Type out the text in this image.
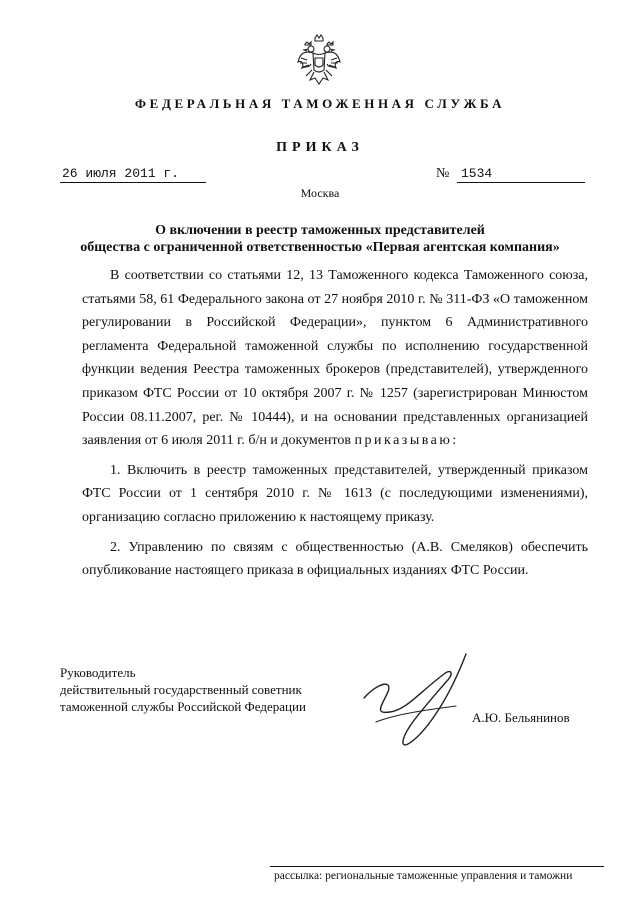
ФЕДЕРАЛЬНАЯ ТАМОЖЕННАЯ СЛУЖБА
ПРИКАЗ
26 июля 2011 г.	№ 1534
Москва
О включении в реестр таможенных представителей
общества с ограниченной ответственностью «Первая агентская компания»

В соответствии со статьями 12, 13 Таможенного кодекса Таможенного союза, статьями 58, 61 Федерального закона от 27 ноября 2010 г. № 311-ФЗ «О таможенном регулировании в Российской Федерации», пунктом 6 Административного регламента Федеральной таможенной службы по исполнению государственной функции ведения Реестра таможенных брокеров (представителей), утвержденного приказом ФТС России от 10 октября 2007 г. № 1257 (зарегистрирован Минюстом России 08.11.2007, рег. № 10444), и на основании представленных организацией заявления от 6 июля 2011 г. б/н и документов приказываю:

1. Включить в реестр таможенных представителей, утвержденный приказом ФТС России от 1 сентября 2010 г. № 1613 (с последующими изменениями), организацию согласно приложению к настоящему приказу.

2. Управлению по связям с общественностью (А.В. Смеляков) обеспечить опубликование настоящего приказа в официальных изданиях ФТС России.

Руководитель
действительный государственный советник
таможенной службы Российской Федерации
А.Ю. Бельянинов
рассылка: региональные таможенные управления и таможни
